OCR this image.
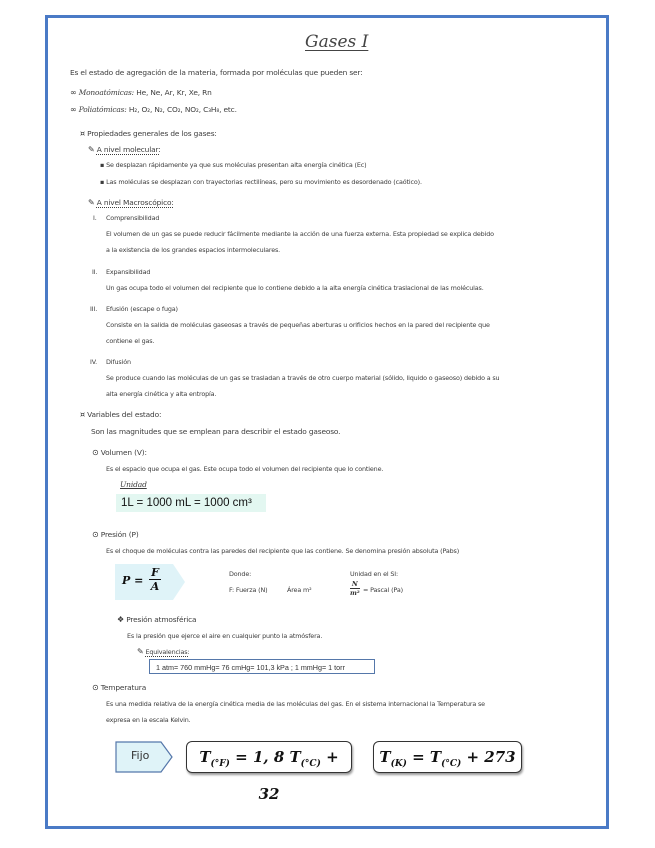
Gases I
Es el estado de agregación de la materia, formada por moléculas que pueden ser:
∞ Monoatómicas: He, Ne, Ar, Kr, Xe, Rn
∞ Poliatómicas: H₂, O₂, N₂, CO₂, NO₂, C₃H₈, etc.
¤ Propiedades generales de los gases:
✎ A nivel molecular:
▪ Se desplazan rápidamente ya que sus moléculas presentan alta energía cinética (Ec)
▪ Las moléculas se desplazan con trayectorias rectilíneas, pero su movimiento es desordenado (caótico).
✎ A nivel Macroscópico:
I. Comprensibilidad
El volumen de un gas se puede reducir fácilmente mediante la acción de una fuerza externa. Esta propiedad se explica debido
a la existencia de los grandes espacios intermoleculares.
II. Expansibilidad
Un gas ocupa todo el volumen del recipiente que lo contiene debido a la alta energía cinética traslacional de las moléculas.
III. Efusión (escape o fuga)
Consiste en la salida de moléculas gaseosas a través de pequeñas aberturas u orificios hechos en la pared del recipiente que
contiene el gas.
IV. Difusión
Se produce cuando las moléculas de un gas se trasladan a través de otro cuerpo material (sólido, liquido o gaseoso) debido a su
alta energía cinética y alta entropía.
¤ Variables del estado:
Son las magnitudes que se emplean para describir el estado gaseoso.
⊙ Volumen (V):
Es el espacio que ocupa el gas. Este ocupa todo el volumen del recipiente que lo contiene.
Unidad
1L = 1000 mL = 1000 cm³
⊙ Presión (P)
Es el choque de moléculas contra las paredes del recipiente que las contiene. Se denomina presión absoluta (Pabs)
$P = \frac{F}{A}$	Donde:
F: Fuerza (N)	Área m²
Unidad en el SI:
$\frac{N}{\text{m²}}$ = Pascal (Pa)
❖ Presión atmosférica
Es la presión que ejerce el aire en cualquier punto la atmósfera.
✎ Equivalencias:
1 atm= 760 mmHg= 76 cmHg= 101,3 kPa ; 1 mmHg= 1 torr
⊙ Temperatura
Es una medida relativa de la energía cinética media de las moléculas del gas. En el sistema internacional la Temperatura se
expresa en la escala Kelvin.
Fijo	$T_{(^\circ F)} = 1$, 8 $T_{(^\circ C)} + 32$
$T_{(K)} = T_{(^\circ C)} + 273$
